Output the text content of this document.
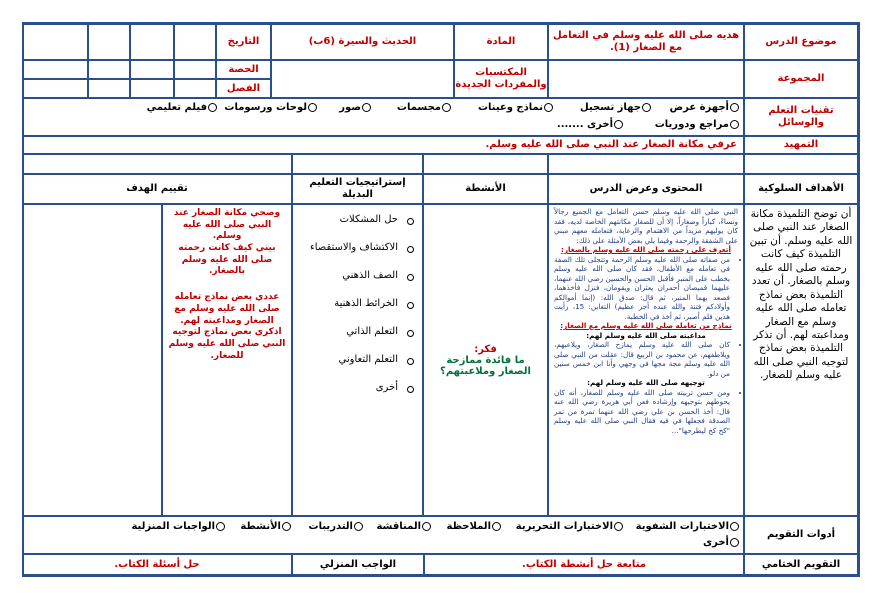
موضوع الدرس
هديه صلى الله عليه وسلم في التعامل مع الصغار (1).
المادة
الحديث والسيرة (6ب)
التاريخ
المجموعة
المكتسبات والمفردات الجديدة
الحصة
الفصل
تقنيات التعلم والوسائل
أجهزة عرض
جهاز تسجيل
نماذج وعينات
مجسمات
صور
لوحات ورسومات
فيلم تعليمي
مراجع ودوريات
أخرى .......
التمهيد
عرفي مكانة الصغار عند النبي صلى الله عليه وسلم.
الأهداف السلوكية
المحتوى وعرض الدرس
الأنشطة
إستراتيجيات التعليم البديلة
تقييم الهدف
أن توضح التلميذة مكانة الصغار عند النبي صلى الله عليه وسلم. أن تبين التلميذة كيف كانت رحمته صلى الله عليه وسلم بالصغار. أن تعدد التلميذة بعض نماذج تعامله صلى الله عليه وسلم مع الصغار ومداعبته لهم. أن تذكر التلميذة بعض نماذج لتوجيه النبي صلى الله عليه وسلم للصغار.
النبي صلى الله عليه وسلم حسن التعامل مع الجميع رجالاً ونساءً، كباراً وصغاراً، إلا أن للصغار مكانتهم الخاصة لديه، فقد كان يوليهم مزيداً من الاهتمام والرعاية، فتعامله معهم مبني على الشفقة والرحمة وفيما يلي بعض الأمثلة على ذلك:
أتعرف على رحمته صلى الله عليه وسلم بالصغار:
• من صفاته صلى الله عليه وسلم الرحمة وتتجلى تلك الصفة في تعامله مع الأطفال، فقد كان صلى الله عليه وسلم يخطب على المنبر فأقبل الحسن والحسين رضي الله عنهما، عليهما قميصان أحمران يعثران ويقومان، فنزل فأخذهما، فصعد بهما المنبر، ثم قال: صدق الله: (إنما أموالكم وأولادكم فتنة والله عنده أجر عظيم) التغابن: 15، رأيت هذين فلم أصبر، ثم أخذ في الخطبة.
نماذج من تعامله صلى الله عليه وسلم مع الصغار:
مداعبته صلى الله عليه وسلم لهم:
• كان صلى الله عليه وسلم يمازح الصغار، ويلاعبهم، ويلاطفهم، عن محمود بن الربيع قال: عقلت من النبي صلى الله عليه وسلم مجة مجها في وجهي وأنا ابن خمس سنين من دلو.
توجيهه صلى الله عليه وسلم لهم:
• ومن حسن تربيته صلى الله عليه وسلم للصغار، أنه كان يحوطهم بتوجيهه وإرشاده فعن أبي هريرة رضي الله عنه قال: أخذ الحسن بن علي رضي الله عنهما تمرة من تمر الصدقة فجعلها في فيه فقال النبي صلى الله عليه وسلم "كخ كخ ليطرحها"...
فكر:
ما فائدة ممازحة الصغار وملاعبتهم؟
حل المشكلات
الاكتشاف والاستقصاء
الصف الذهني
الخرائط الذهنية
التعلم الذاتي
التعلم التعاوني
أخرى
وضحي مكانة الصغار عند النبي صلى الله عليه وسلم.
بيني كيف كانت رحمته صلى الله عليه وسلم بالصغار.
عددي بعض نماذج تعامله صلى الله عليه وسلم مع الصغار ومداعبته لهم.
اذكري بعض نماذج لتوجيه النبي صلى الله عليه وسلم للصغار.
أدوات التقويم
الاختبارات الشفوية
الاختبارات التحريرية
الملاحظة
المناقشة
التدريبات
الأنشطة
الواجبات المنزلية
أخرى
التقويم الختامي
متابعة حل أنشطة الكتاب.
الواجب المنزلي
حل أسئلة الكتاب.
